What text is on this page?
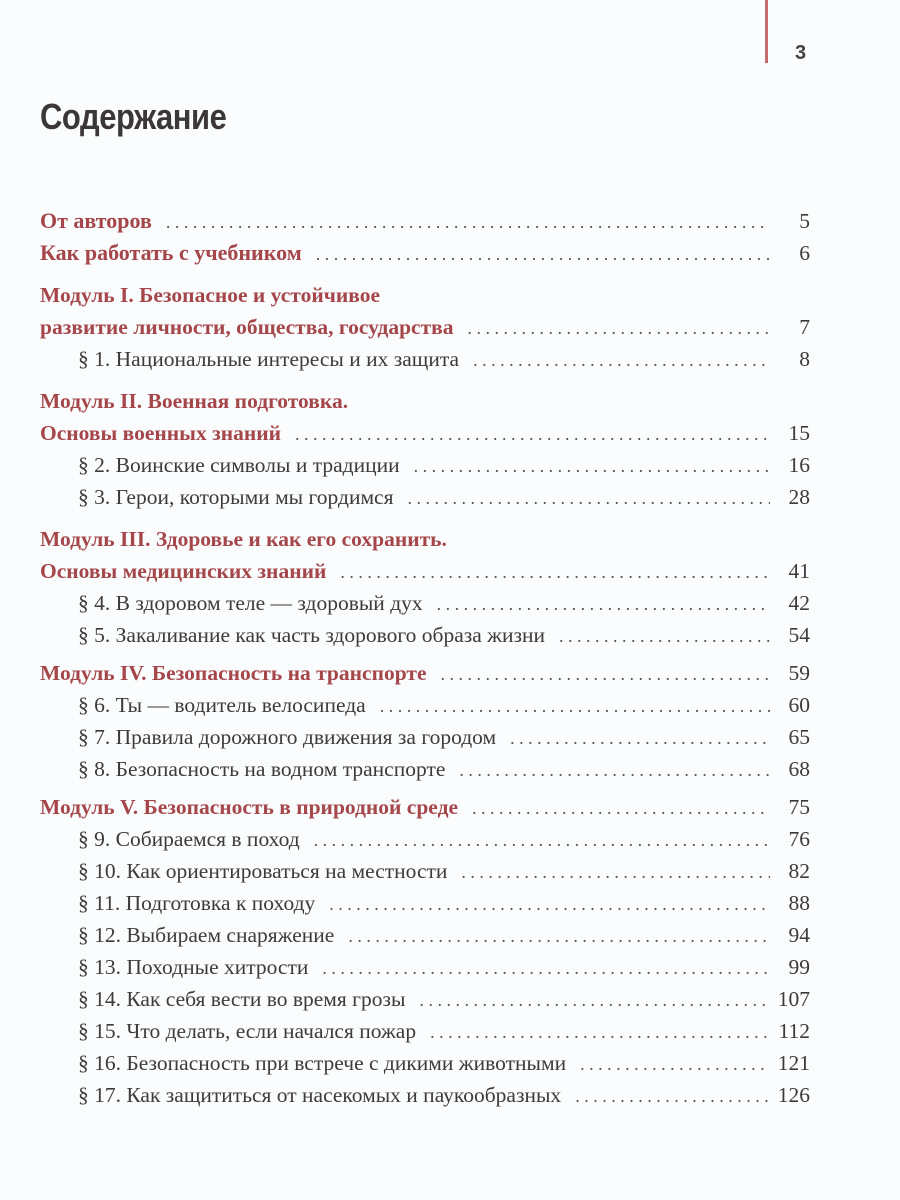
3
Содержание
От авторов . . .	5
Как работать с учебником . . .	6
Модуль I. Безопасное и устойчивое
развитие личности, общества, государства . . .	7
§ 1. Национальные интересы и их защита . . .	8
Модуль II. Военная подготовка.
Основы военных знаний . . .	15
§ 2. Воинские символы и традиции . . .	16
§ 3. Герои, которыми мы гордимся . . .	28
Модуль III. Здоровье и как его сохранить.
Основы медицинских знаний . . .	41
§ 4. В здоровом теле — здоровый дух . . .	42
§ 5. Закаливание как часть здорового образа жизни . . .	54
Модуль IV. Безопасность на транспорте . . .	59
§ 6. Ты — водитель велосипеда . . .	60
§ 7. Правила дорожного движения за городом . . .	65
§ 8. Безопасность на водном транспорте . . .	68
Модуль V. Безопасность в природной среде . . .	75
§ 9. Собираемся в поход . . .	76
§ 10. Как ориентироваться на местности . . .	82
§ 11. Подготовка к походу . . .	88
§ 12. Выбираем снаряжение . . .	94
§ 13. Походные хитрости . . .	99
§ 14. Как себя вести во время грозы . . .	107
§ 15. Что делать, если начался пожар . . .	112
§ 16. Безопасность при встрече с дикими животными . . .	121
§ 17. Как защититься от насекомых и паукообразных . . .	126
